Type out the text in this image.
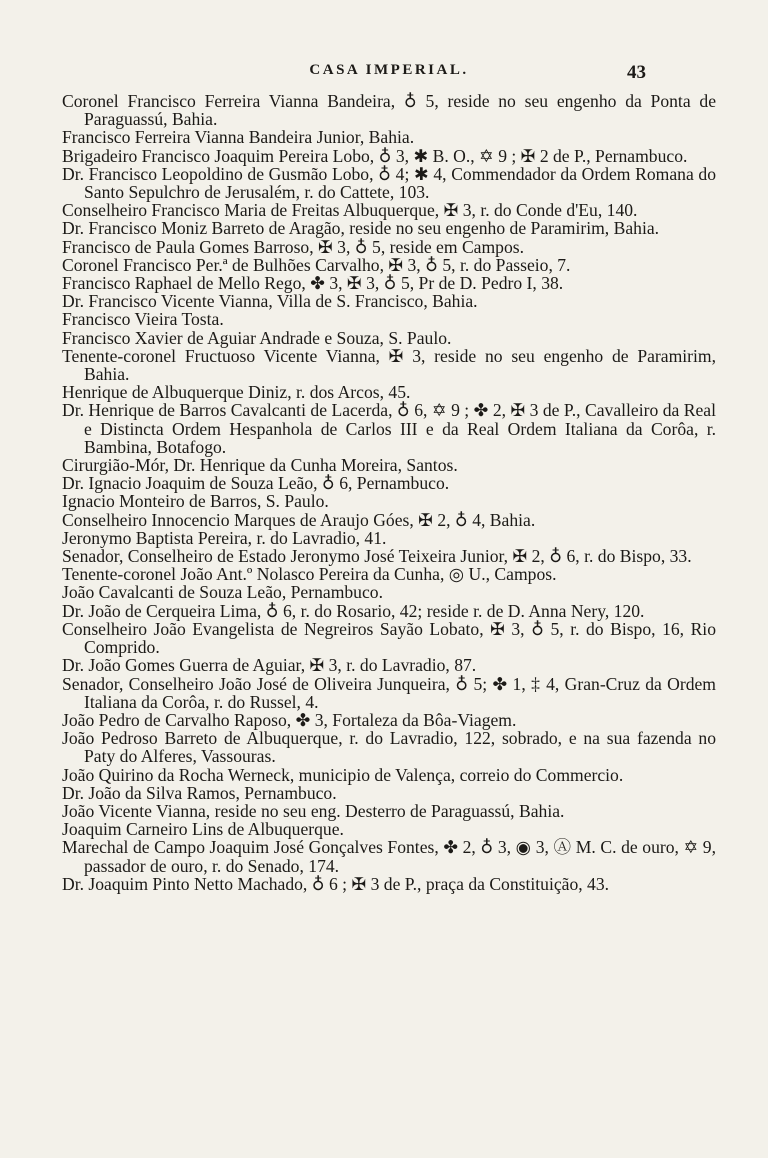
CASA IMPERIAL.	43
Coronel Francisco Ferreira Vianna Bandeira, ♁ 5, reside no seu engenho da Ponta de Paraguassú, Bahia.
Francisco Ferreira Vianna Bandeira Junior, Bahia.
Brigadeiro Francisco Joaquim Pereira Lobo, ♁ 3, ✱ B. O., ✡ 9 ; ✠ 2 de P., Pernambuco.
Dr. Francisco Leopoldino de Gusmão Lobo, ♁ 4; ✱ 4, Commendador da Ordem Romana do Santo Sepulchro de Jerusalém, r. do Cattete, 103.
Conselheiro Francisco Maria de Freitas Albuquerque, ✠ 3, r. do Conde d'Eu, 140.
Dr. Francisco Moniz Barreto de Aragão, reside no seu engenho de Paramirim, Bahia.
Francisco de Paula Gomes Barroso, ✠ 3, ♁ 5, reside em Campos.
Coronel Francisco Per.ª de Bulhões Carvalho, ✠ 3, ♁ 5, r. do Passeio, 7.
Francisco Raphael de Mello Rego, ✤ 3, ✠ 3, ♁ 5, Pr de D. Pedro I, 38.
Dr. Francisco Vicente Vianna, Villa de S. Francisco, Bahia.
Francisco Vieira Tosta.
Francisco Xavier de Aguiar Andrade e Souza, S. Paulo.
Tenente-coronel Fructuoso Vicente Vianna, ✠ 3, reside no seu engenho de Paramirim, Bahia.
Henrique de Albuquerque Diniz, r. dos Arcos, 45.
Dr. Henrique de Barros Cavalcanti de Lacerda, ♁ 6, ✡ 9 ; ✤ 2, ✠ 3 de P., Cavalleiro da Real e Distincta Ordem Hespanhola de Carlos III e da Real Ordem Italiana da Corôa, r. Bambina, Botafogo.
Cirurgião-Mór, Dr. Henrique da Cunha Moreira, Santos.
Dr. Ignacio Joaquim de Souza Leão, ♁ 6, Pernambuco.
Ignacio Monteiro de Barros, S. Paulo.
Conselheiro Innocencio Marques de Araujo Góes, ✠ 2, ♁ 4, Bahia.
Jeronymo Baptista Pereira, r. do Lavradio, 41.
Senador, Conselheiro de Estado Jeronymo José Teixeira Junior, ✠ 2, ♁ 6, r. do Bispo, 33.
Tenente-coronel João Ant.º Nolasco Pereira da Cunha, ◎ U., Campos.
João Cavalcanti de Souza Leão, Pernambuco.
Dr. João de Cerqueira Lima, ♁ 6, r. do Rosario, 42; reside r. de D. Anna Nery, 120.
Conselheiro João Evangelista de Negreiros Sayão Lobato, ✠ 3, ♁ 5, r. do Bispo, 16, Rio Comprido.
Dr. João Gomes Guerra de Aguiar, ✠ 3, r. do Lavradio, 87.
Senador, Conselheiro João José de Oliveira Junqueira, ♁ 5; ✤ 1, ‡ 4, Gran-Cruz da Ordem Italiana da Corôa, r. do Russel, 4.
João Pedro de Carvalho Raposo, ✤ 3, Fortaleza da Bôa-Viagem.
João Pedroso Barreto de Albuquerque, r. do Lavradio, 122, sobrado, e na sua fazenda no Paty do Alferes, Vassouras.
João Quirino da Rocha Werneck, municipio de Valença, correio do Commercio.
Dr. João da Silva Ramos, Pernambuco.
João Vicente Vianna, reside no seu eng. Desterro de Paraguassú, Bahia.
Joaquim Carneiro Lins de Albuquerque.
Marechal de Campo Joaquim José Gonçalves Fontes, ✤ 2, ♁ 3, ◉ 3, Ⓐ M. C. de ouro, ✡ 9, passador de ouro, r. do Senado, 174.
Dr. Joaquim Pinto Netto Machado, ♁ 6 ; ✠ 3 de P., praça da Constituição, 43.
